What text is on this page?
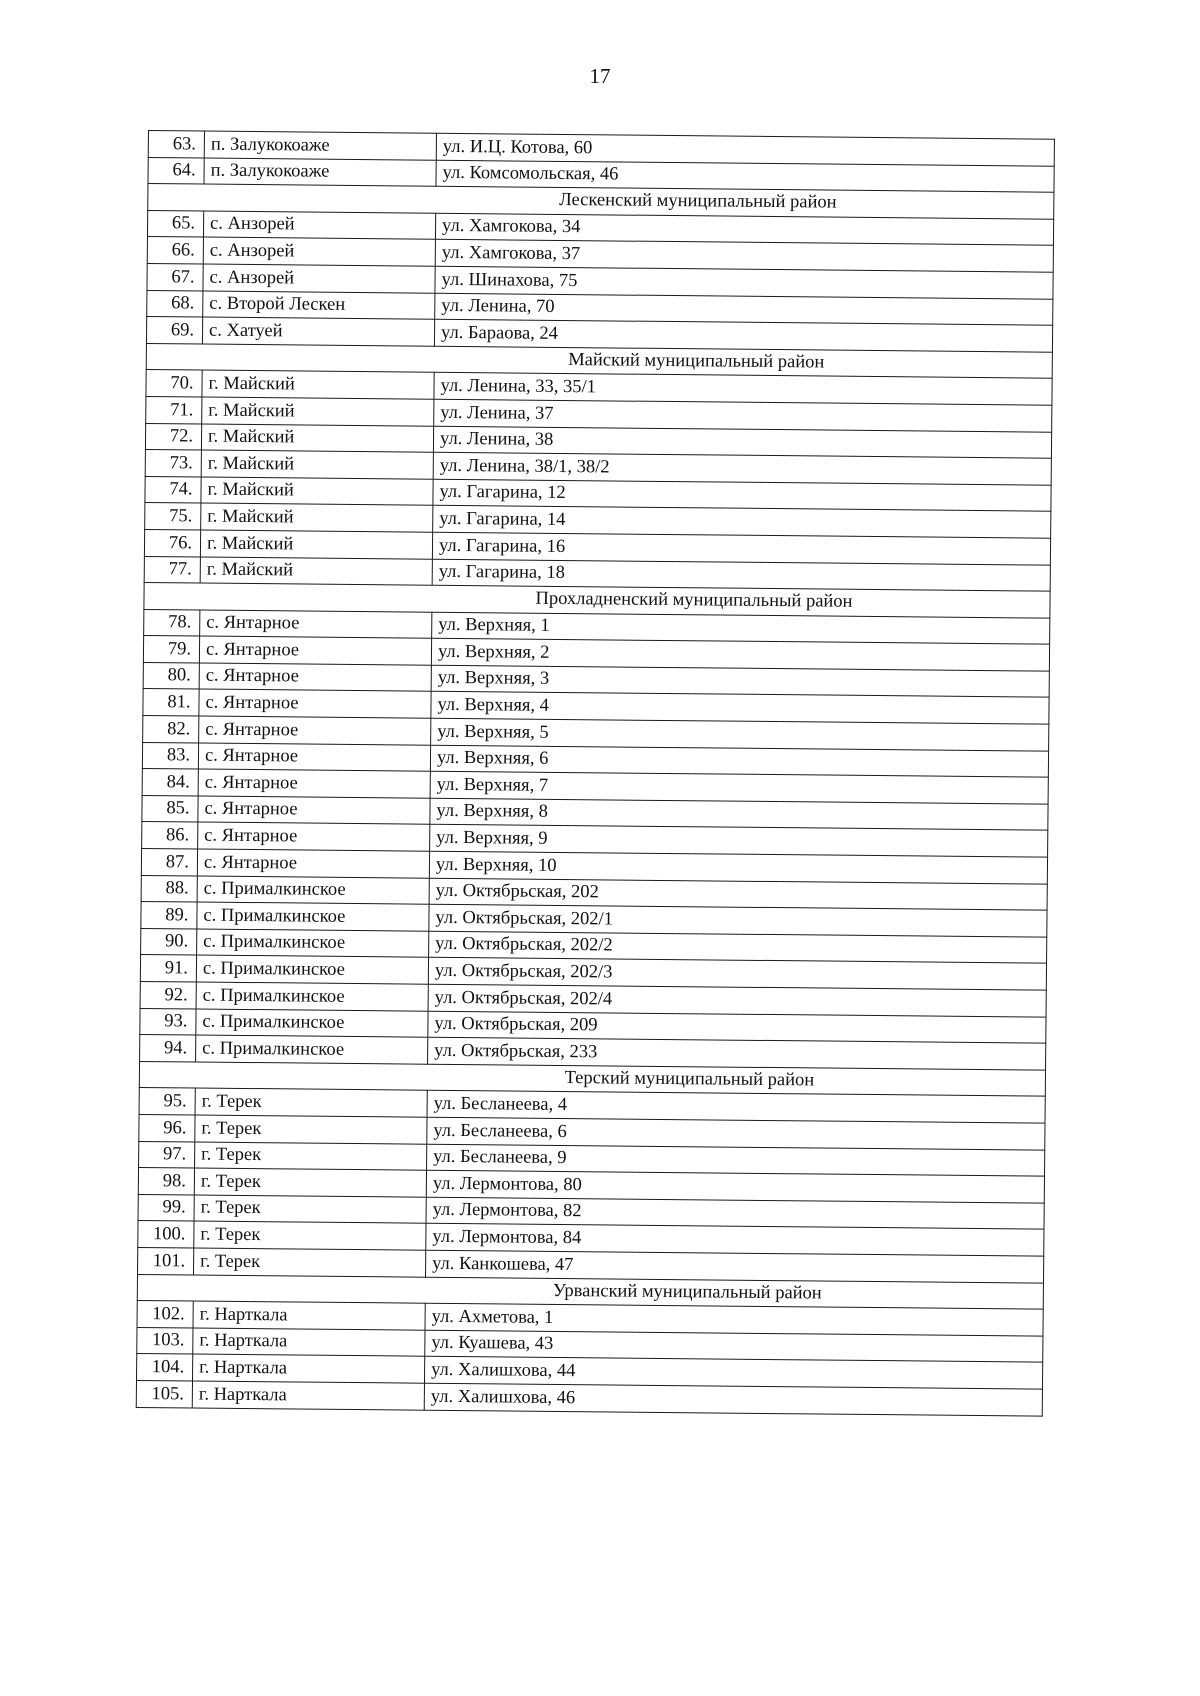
17
63.	п. Залукокоаже	ул. И.Ц. Котова, 60
64.	п. Залукокоаже	ул. Комсомольская, 46
Лескенский муниципальный район		
65.	с. Анзорей	ул. Хамгокова, 34
66.	с. Анзорей	ул. Хамгокова, 37
67.	с. Анзорей	ул. Шинахова, 75
68.	с. Второй Лескен	ул. Ленина, 70
69.	с. Хатуей	ул. Бараова, 24
Майский муниципальный район		
70.	г. Майский	ул. Ленина, 33, 35/1
71.	г. Майский	ул. Ленина, 37
72.	г. Майский	ул. Ленина, 38
73.	г. Майский	ул. Ленина, 38/1, 38/2
74.	г. Майский	ул. Гагарина, 12
75.	г. Майский	ул. Гагарина, 14
76.	г. Майский	ул. Гагарина, 16
77.	г. Майский	ул. Гагарина, 18
Прохладненский муниципальный район		
78.	с. Янтарное	ул. Верхняя, 1
79.	с. Янтарное	ул. Верхняя, 2
80.	с. Янтарное	ул. Верхняя, 3
81.	с. Янтарное	ул. Верхняя, 4
82.	с. Янтарное	ул. Верхняя, 5
83.	с. Янтарное	ул. Верхняя, 6
84.	с. Янтарное	ул. Верхняя, 7
85.	с. Янтарное	ул. Верхняя, 8
86.	с. Янтарное	ул. Верхняя, 9
87.	с. Янтарное	ул. Верхняя, 10
88.	с. Прималкинское	ул. Октябрьская, 202
89.	с. Прималкинское	ул. Октябрьская, 202/1
90.	с. Прималкинское	ул. Октябрьская, 202/2
91.	с. Прималкинское	ул. Октябрьская, 202/3
92.	с. Прималкинское	ул. Октябрьская, 202/4
93.	с. Прималкинское	ул. Октябрьская, 209
94.	с. Прималкинское	ул. Октябрьская, 233
Терский муниципальный район		
95.	г. Терек	ул. Бесланеева, 4
96.	г. Терек	ул. Бесланеева, 6
97.	г. Терек	ул. Бесланеева, 9
98.	г. Терек	ул. Лермонтова, 80
99.	г. Терек	ул. Лермонтова, 82
100.	г. Терек	ул. Лермонтова, 84
101.	г. Терек	ул. Канкошева, 47
Урванский муниципальный район		
102.	г. Нарткала	ул. Ахметова, 1
103.	г. Нарткала	ул. Куашева, 43
104.	г. Нарткала	ул. Халишхова, 44
105.	г. Нарткала	ул. Халишхова, 46
